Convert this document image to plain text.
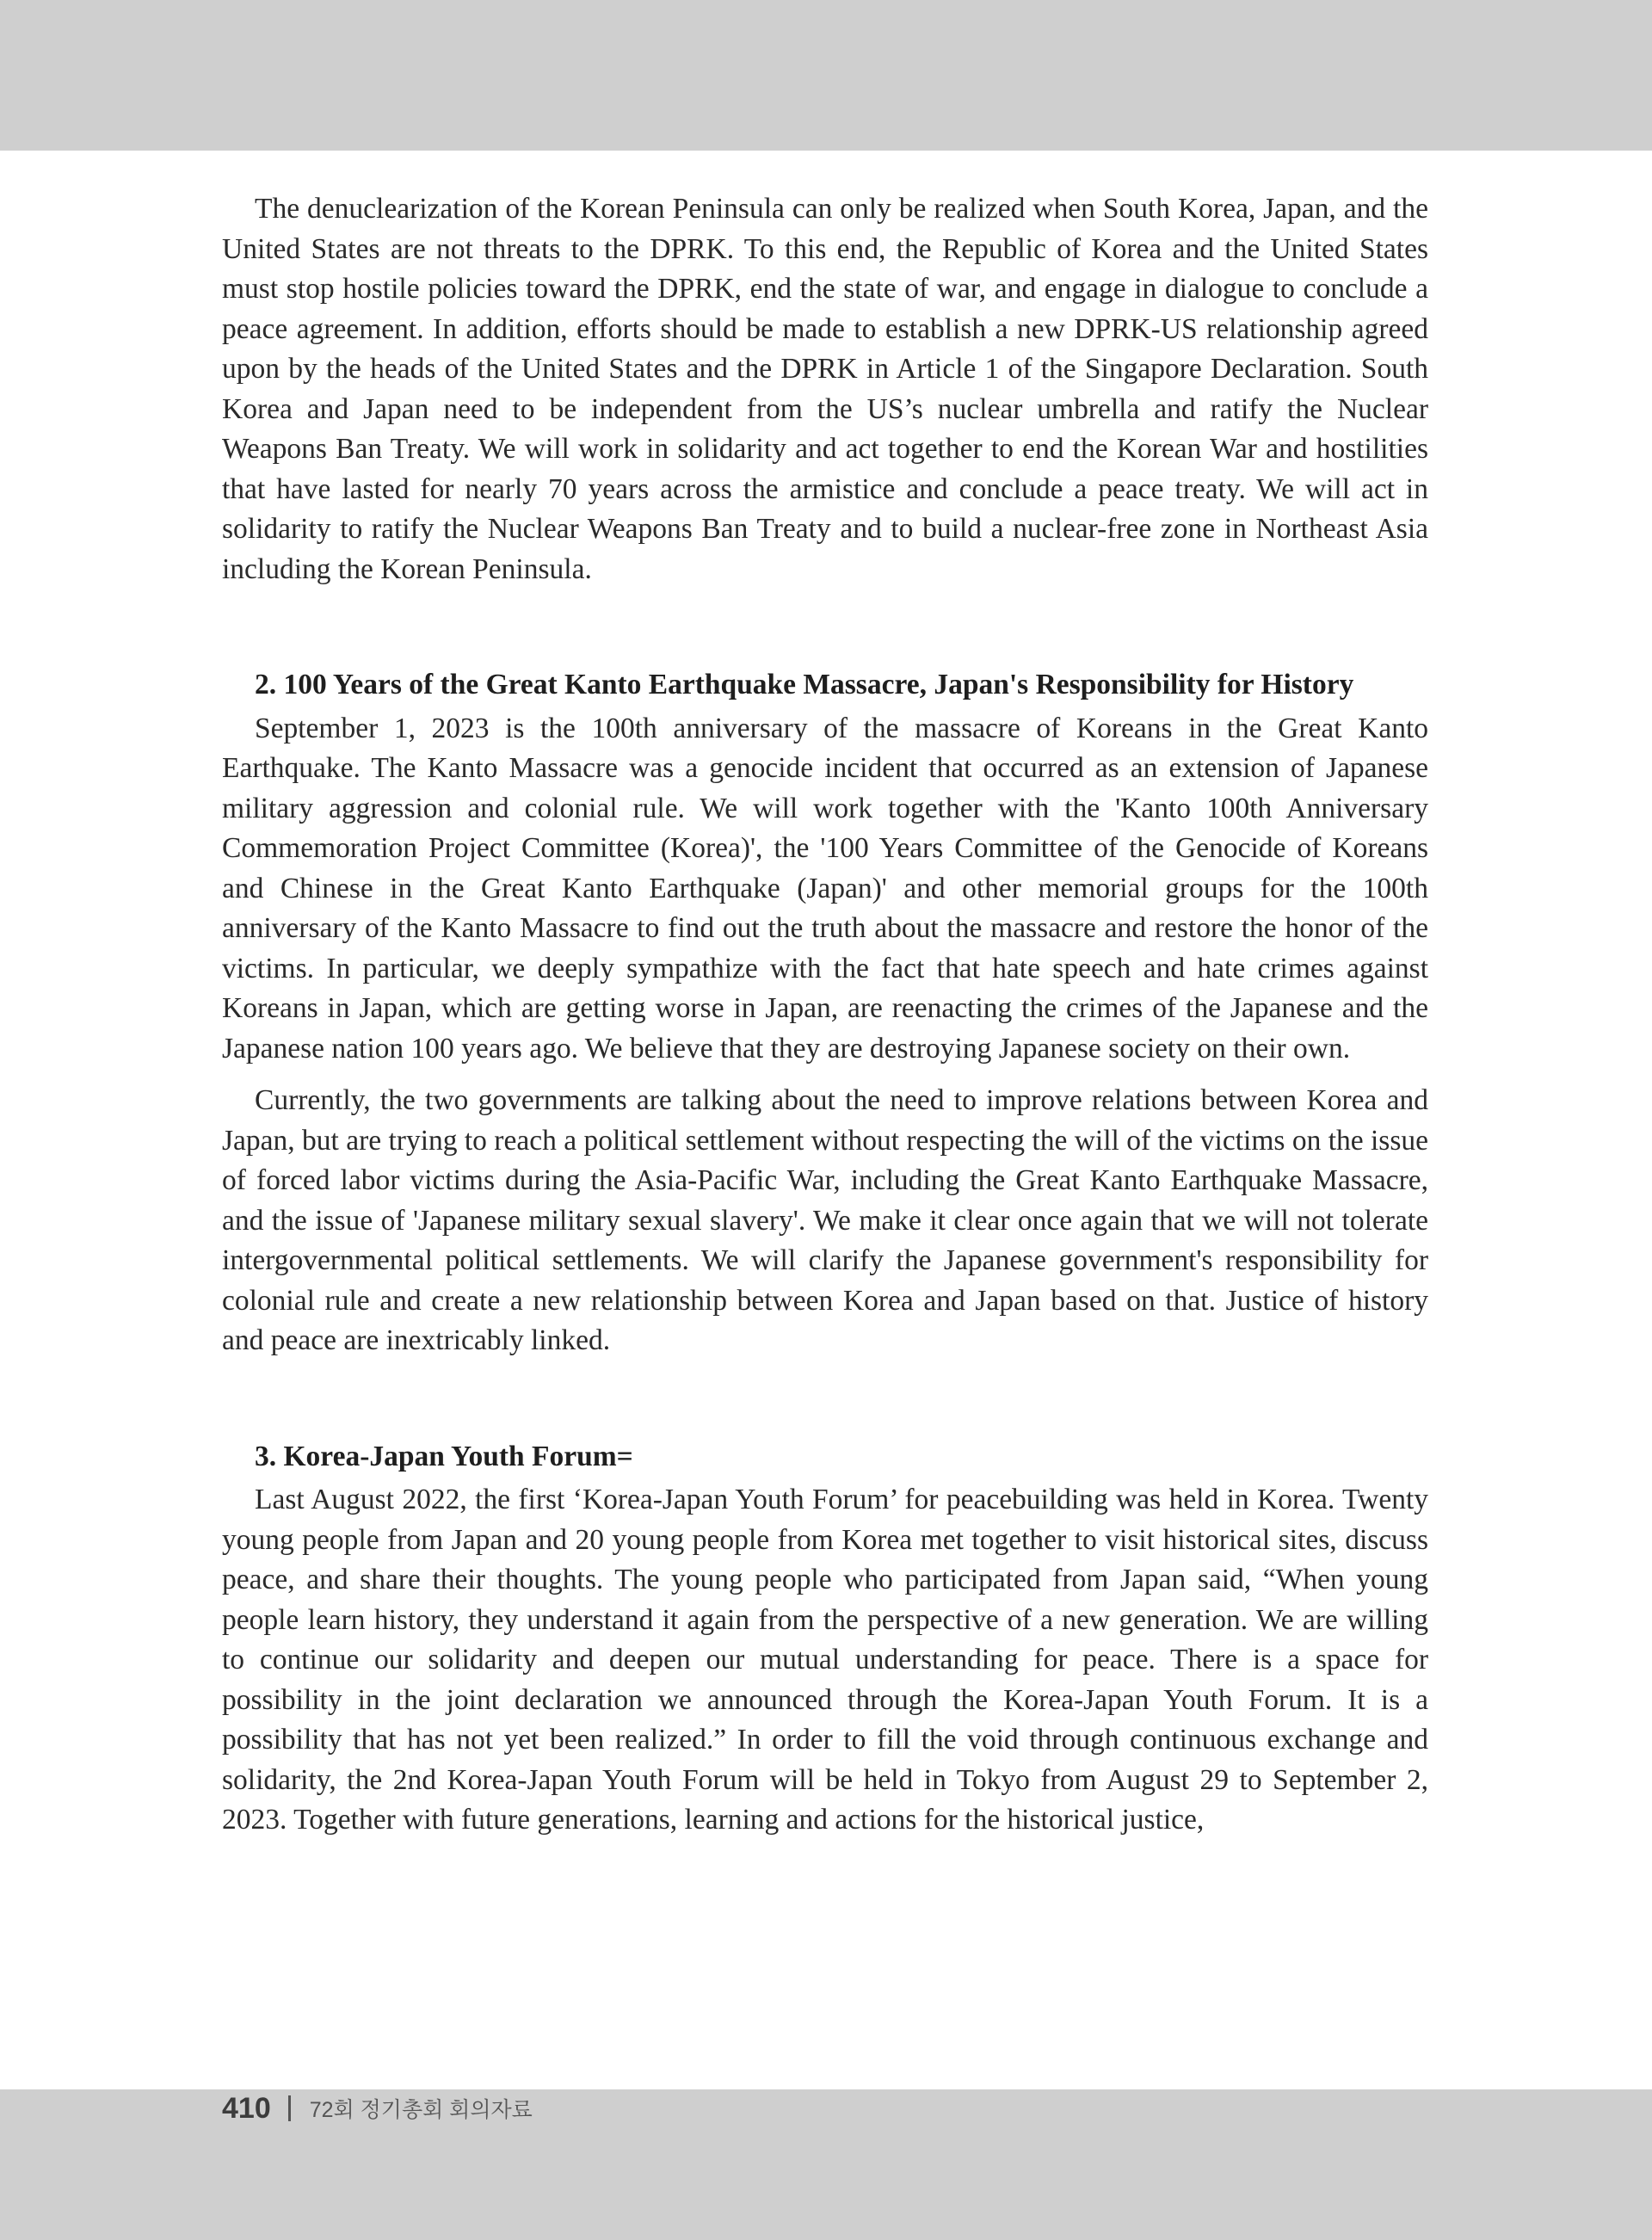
The denuclearization of the Korean Peninsula can only be realized when South Korea, Japan, and the United States are not threats to the DPRK. To this end, the Republic of Korea and the United States must stop hostile policies toward the DPRK, end the state of war, and engage in dialogue to conclude a peace agreement. In addition, efforts should be made to establish a new DPRK-US relationship agreed upon by the heads of the United States and the DPRK in Article 1 of the Singapore Declaration. South Korea and Japan need to be independent from the US’s nuclear umbrella and ratify the Nuclear Weapons Ban Treaty. We will work in solidarity and act together to end the Korean War and hostilities that have lasted for nearly 70 years across the armistice and conclude a peace treaty. We will act in solidarity to ratify the Nuclear Weapons Ban Treaty and to build a nuclear-free zone in Northeast Asia including the Korean Peninsula.

2. 100 Years of the Great Kanto Earthquake Massacre, Japan's Responsibility for History

September 1, 2023 is the 100th anniversary of the massacre of Koreans in the Great Kanto Earthquake. The Kanto Massacre was a genocide incident that occurred as an extension of Japanese military aggression and colonial rule. We will work together with the 'Kanto 100th Anniversary Commemoration Project Committee (Korea)', the '100 Years Committee of the Genocide of Koreans and Chinese in the Great Kanto Earthquake (Japan)' and other memorial groups for the 100th anniversary of the Kanto Massacre to find out the truth about the massacre and restore the honor of the victims. In particular, we deeply sympathize with the fact that hate speech and hate crimes against Koreans in Japan, which are getting worse in Japan, are reenacting the crimes of the Japanese and the Japanese nation 100 years ago. We believe that they are destroying Japanese society on their own.

Currently, the two governments are talking about the need to improve relations between Korea and Japan, but are trying to reach a political settlement without respecting the will of the victims on the issue of forced labor victims during the Asia-Pacific War, including the Great Kanto Earthquake Massacre, and the issue of 'Japanese military sexual slavery'. We make it clear once again that we will not tolerate intergovernmental political settlements. We will clarify the Japanese government's responsibility for colonial rule and create a new relationship between Korea and Japan based on that. Justice of history and peace are inextricably linked.

3. Korea-Japan Youth Forum=

Last August 2022, the first ‘Korea-Japan Youth Forum’ for peacebuilding was held in Korea. Twenty young people from Japan and 20 young people from Korea met together to visit historical sites, discuss peace, and share their thoughts. The young people who participated from Japan said, “When young people learn history, they understand it again from the perspective of a new generation. We are willing to continue our solidarity and deepen our mutual understanding for peace. There is a space for possibility in the joint declaration we announced through the Korea-Japan Youth Forum. It is a possibility that has not yet been realized.” In order to fill the void through continuous exchange and solidarity, the 2nd Korea-Japan Youth Forum will be held in Tokyo from August 29 to September 2, 2023. Together with future generations, learning and actions for the historical justice,

410 72회 정기총회 회의자료
